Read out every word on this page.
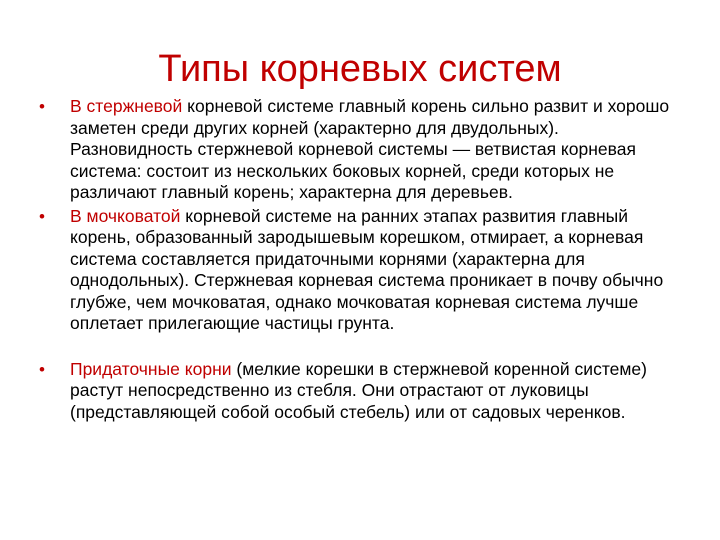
Типы корневых систем
• В стержневой корневой системе главный корень сильно развит и хорошо заметен среди других корней (характерно для двудольных). Разновидность стержневой корневой системы — ветвистая корневая система: состоит из нескольких боковых корней, среди которых не различают главный корень; характерна для деревьев.
• В мочковатой корневой системе на ранних этапах развития главный корень, образованный зародышевым корешком, отмирает, а корневая система составляется придаточными корнями (характерна для однодольных). Стержневая корневая система проникает в почву обычно глубже, чем мочковатая, однако мочковатая корневая система лучше оплетает прилегающие частицы грунта.
• Придаточные корни (мелкие корешки в стержневой коренной системе) растут непосредственно из стебля. Они отрастают от луковицы (представляющей собой особый стебель) или от садовых черенков.
